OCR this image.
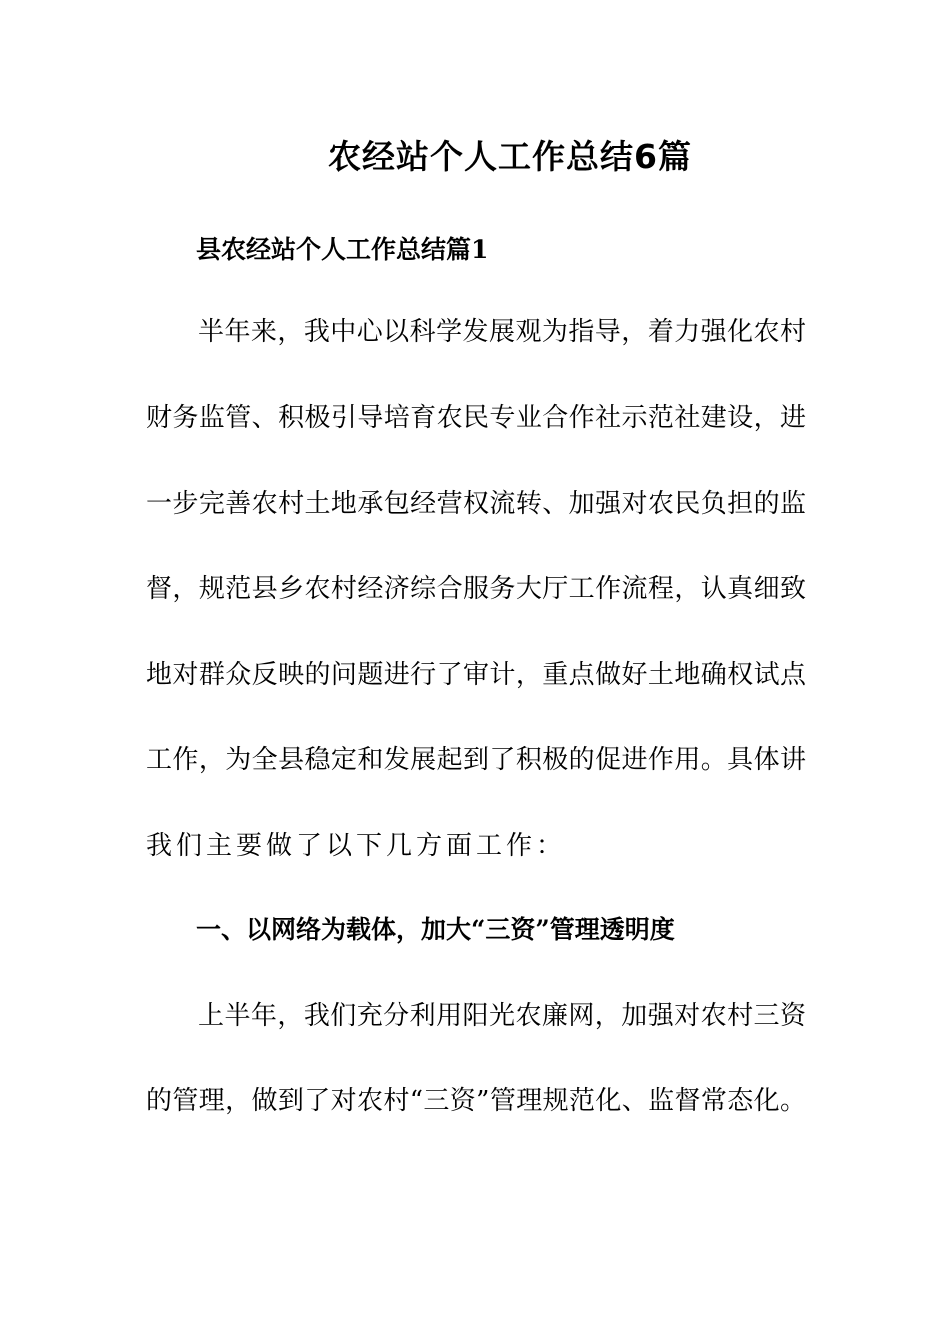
农经站个人工作总结6篇
县农经站个人工作总结篇1
半年来，我中心以科学发展观为指导，着力强化农村
财务监管、积极引导培育农民专业合作社示范社建设，进
一步完善农村土地承包经营权流转、加强对农民负担的监
督，规范县乡农村经济综合服务大厅工作流程，认真细致
地对群众反映的问题进行了审计，重点做好土地确权试点
工作，为全县稳定和发展起到了积极的促进作用。具体讲
我们主要做了以下几方面工作：
一、以网络为载体，加大“三资”管理透明度
上半年，我们充分利用阳光农廉网，加强对农村三资
的管理，做到了对农村“三资”管理规范化、监督常态化。
